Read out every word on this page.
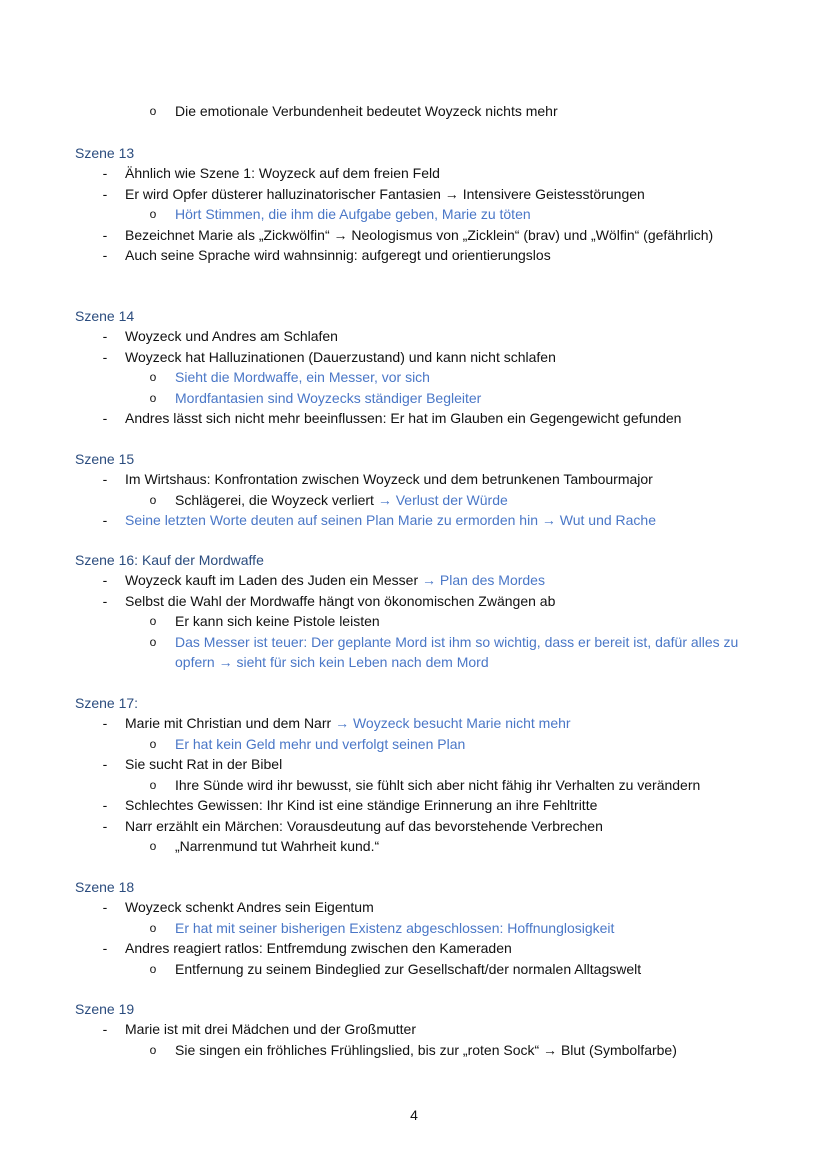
o Die emotionale Verbundenheit bedeutet Woyzeck nichts mehr
Szene 13
-	Ähnlich wie Szene 1: Woyzeck auf dem freien Feld
-	Er wird Opfer düsterer halluzinatorischer Fantasien → Intensivere Geistesstörungen
o Hört Stimmen, die ihm die Aufgabe geben, Marie zu töten
-	Bezeichnet Marie als „Zickwölfin“ → Neologismus von „Zicklein“ (brav) und „Wölfin“ (gefährlich)
-	Auch seine Sprache wird wahnsinnig: aufgeregt und orientierungslos
Szene 14
-	Woyzeck und Andres am Schlafen
-	Woyzeck hat Halluzinationen (Dauerzustand) und kann nicht schlafen
o Sieht die Mordwaffe, ein Messer, vor sich
o Mordfantasien sind Woyzecks ständiger Begleiter
-	Andres lässt sich nicht mehr beeinflussen: Er hat im Glauben ein Gegengewicht gefunden
Szene 15
-	Im Wirtshaus: Konfrontation zwischen Woyzeck und dem betrunkenen Tambourmajor
o Schlägerei, die Woyzeck verliert → Verlust der Würde
-	Seine letzten Worte deuten auf seinen Plan Marie zu ermorden hin → Wut und Rache
Szene 16: Kauf der Mordwaffe
-	Woyzeck kauft im Laden des Juden ein Messer → Plan des Mordes
-	Selbst die Wahl der Mordwaffe hängt von ökonomischen Zwängen ab
o Er kann sich keine Pistole leisten
o Das Messer ist teuer: Der geplante Mord ist ihm so wichtig, dass er bereit ist, dafür alles zu opfern → sieht für sich kein Leben nach dem Mord
Szene 17:
-	Marie mit Christian und dem Narr → Woyzeck besucht Marie nicht mehr
o Er hat kein Geld mehr und verfolgt seinen Plan
-	Sie sucht Rat in der Bibel
o Ihre Sünde wird ihr bewusst, sie fühlt sich aber nicht fähig ihr Verhalten zu verändern
-	Schlechtes Gewissen: Ihr Kind ist eine ständige Erinnerung an ihre Fehltritte
-	Narr erzählt ein Märchen: Vorausdeutung auf das bevorstehende Verbrechen
o „Narrenmund tut Wahrheit kund.“
Szene 18
-	Woyzeck schenkt Andres sein Eigentum
o Er hat mit seiner bisherigen Existenz abgeschlossen: Hoffnunglosigkeit
-	Andres reagiert ratlos: Entfremdung zwischen den Kameraden
o Entfernung zu seinem Bindeglied zur Gesellschaft/der normalen Alltagswelt
Szene 19
-	Marie ist mit drei Mädchen und der Großmutter
o Sie singen ein fröhliches Frühlingslied, bis zur „roten Sock“ → Blut (Symbolfarbe)
4
